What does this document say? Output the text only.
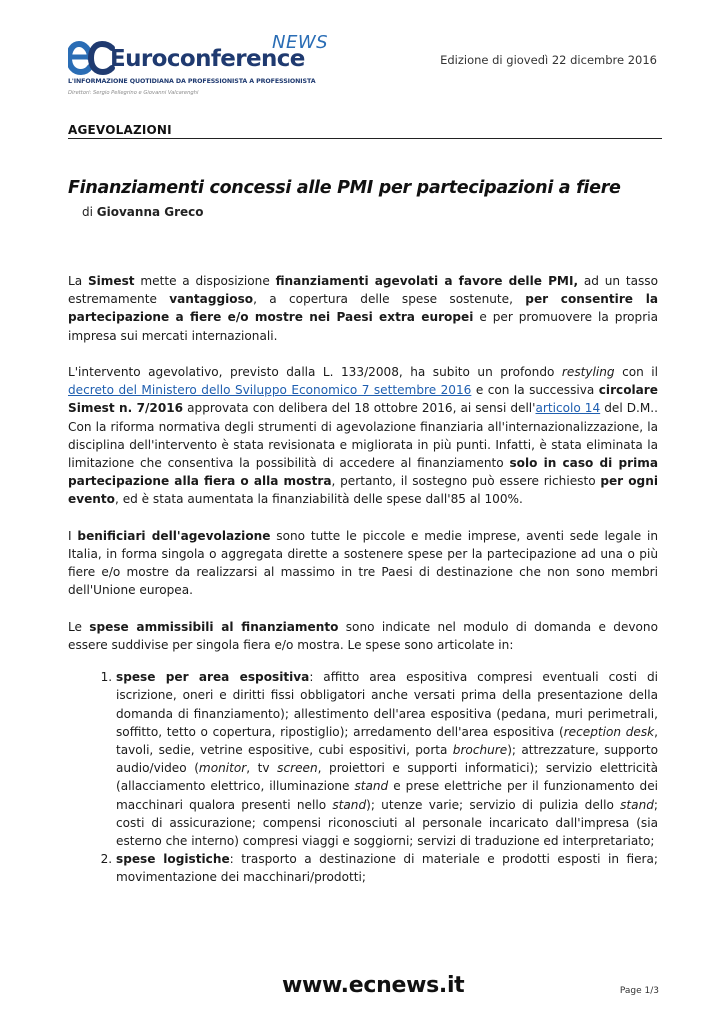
NEWS
Euroconference
L'INFORMAZIONE QUOTIDIANA DA PROFESSIONISTA A PROFESSIONISTA
Direttori: Sergio Pellegrino e Giovanni Valcarenghi
Edizione di giovedì 22 dicembre 2016
AGEVOLAZIONI
Finanziamenti concessi alle PMI per partecipazioni a fiere
di Giovanna Greco

La Simest mette a disposizione finanziamenti agevolati a favore delle PMI, ad un tasso estremamente vantaggioso, a copertura delle spese sostenute, per consentire la partecipazione a fiere e/o mostre nei Paesi extra europei e per promuovere la propria impresa sui mercati internazionali.

L'intervento agevolativo, previsto dalla L. 133/2008, ha subito un profondo restyling con il decreto del Ministero dello Sviluppo Economico 7 settembre 2016 e con la successiva circolare Simest n. 7/2016 approvata con delibera del 18 ottobre 2016, ai sensi dell'articolo 14 del D.M.. Con la riforma normativa degli strumenti di agevolazione finanziaria all'internazionalizzazione, la disciplina dell'intervento è stata revisionata e migliorata in più punti. Infatti, è stata eliminata la limitazione che consentiva la possibilità di accedere al finanziamento solo in caso di prima partecipazione alla fiera o alla mostra, pertanto, il sostegno può essere richiesto per ogni evento, ed è stata aumentata la finanziabilità delle spese dall'85 al 100%.

I benificiari dell'agevolazione sono tutte le piccole e medie imprese, aventi sede legale in Italia, in forma singola o aggregata dirette a sostenere spese per la partecipazione ad una o più fiere e/o mostre da realizzarsi al massimo in tre Paesi di destinazione che non sono membri dell'Unione europea.

Le spese ammissibili al finanziamento sono indicate nel modulo di domanda e devono essere suddivise per singola fiera e/o mostra. Le spese sono articolate in:

1. spese per area espositiva: affitto area espositiva compresi eventuali costi di iscrizione, oneri e diritti fissi obbligatori anche versati prima della presentazione della domanda di finanziamento); allestimento dell'area espositiva (pedana, muri perimetrali, soffitto, tetto o copertura, ripostiglio); arredamento dell'area espositiva (reception desk, tavoli, sedie, vetrine espositive, cubi espositivi, porta brochure); attrezzature, supporto audio/video (monitor, tv screen, proiettori e supporti informatici); servizio elettricità (allacciamento elettrico, illuminazione stand e prese elettriche per il funzionamento dei macchinari qualora presenti nello stand); utenze varie; servizio di pulizia dello stand; costi di assicurazione; compensi riconosciuti al personale incaricato dall'impresa (sia esterno che interno) compresi viaggi e soggiorni; servizi di traduzione ed interpretariato;
2. spese logistiche: trasporto a destinazione di materiale e prodotti esposti in fiera; movimentazione dei macchinari/prodotti;
www.ecnews.it	Page 1/3
